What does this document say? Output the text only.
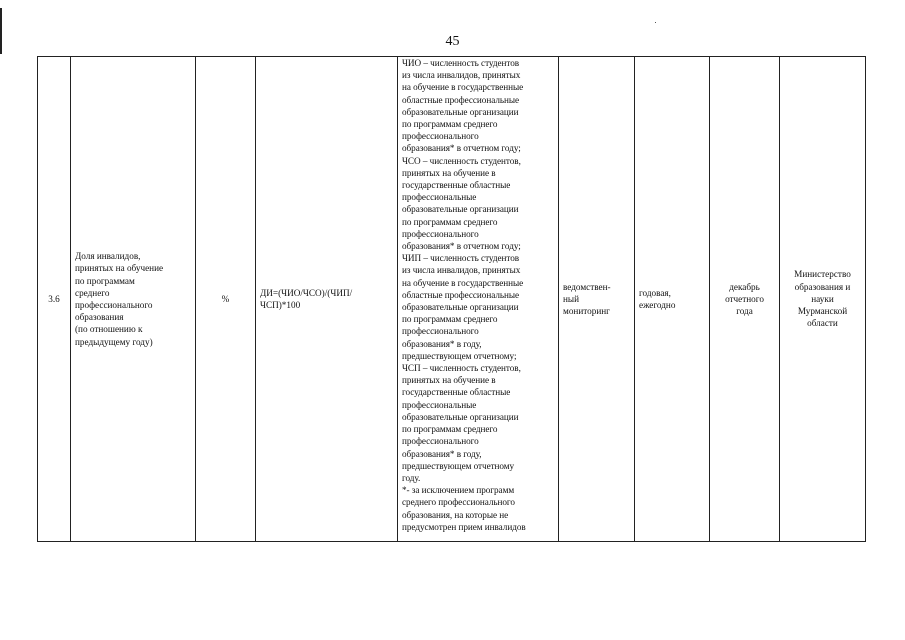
45
3.6	Доля инвалидов,
принятых на обучение
по программам
среднего
профессионального
образования
(по отношению к
предыдущему году)	%	ДИ=(ЧИО/ЧСО)/(ЧИП/
ЧСП)*100	ЧИО – численность студентов
из числа инвалидов, принятых
на обучение в государственные
областные профессиональные
образовательные организации
по программам среднего
профессионального
образования* в отчетном году;
ЧСО – численность студентов,
принятых на обучение в
государственные областные
профессиональные
образовательные организации
по программам среднего
профессионального
образования* в отчетном году;
ЧИП – численность студентов
из числа инвалидов, принятых
на обучение в государственные
областные профессиональные
образовательные организации
по программам среднего
профессионального
образования* в году,
предшествующем отчетному;
ЧСП – численность студентов,
принятых на обучение в
государственные областные
профессиональные
образовательные организации
по программам среднего
профессионального
образования* в году,
предшествующем отчетному
году.
*- за исключением программ
среднего профессионального
образования, на которые не
предусмотрен прием инвалидов	ведомствен-
ный
мониторинг	годовая,
ежегодно	декабрь
отчетного
года	Министерство
образования и
науки
Мурманской
области
